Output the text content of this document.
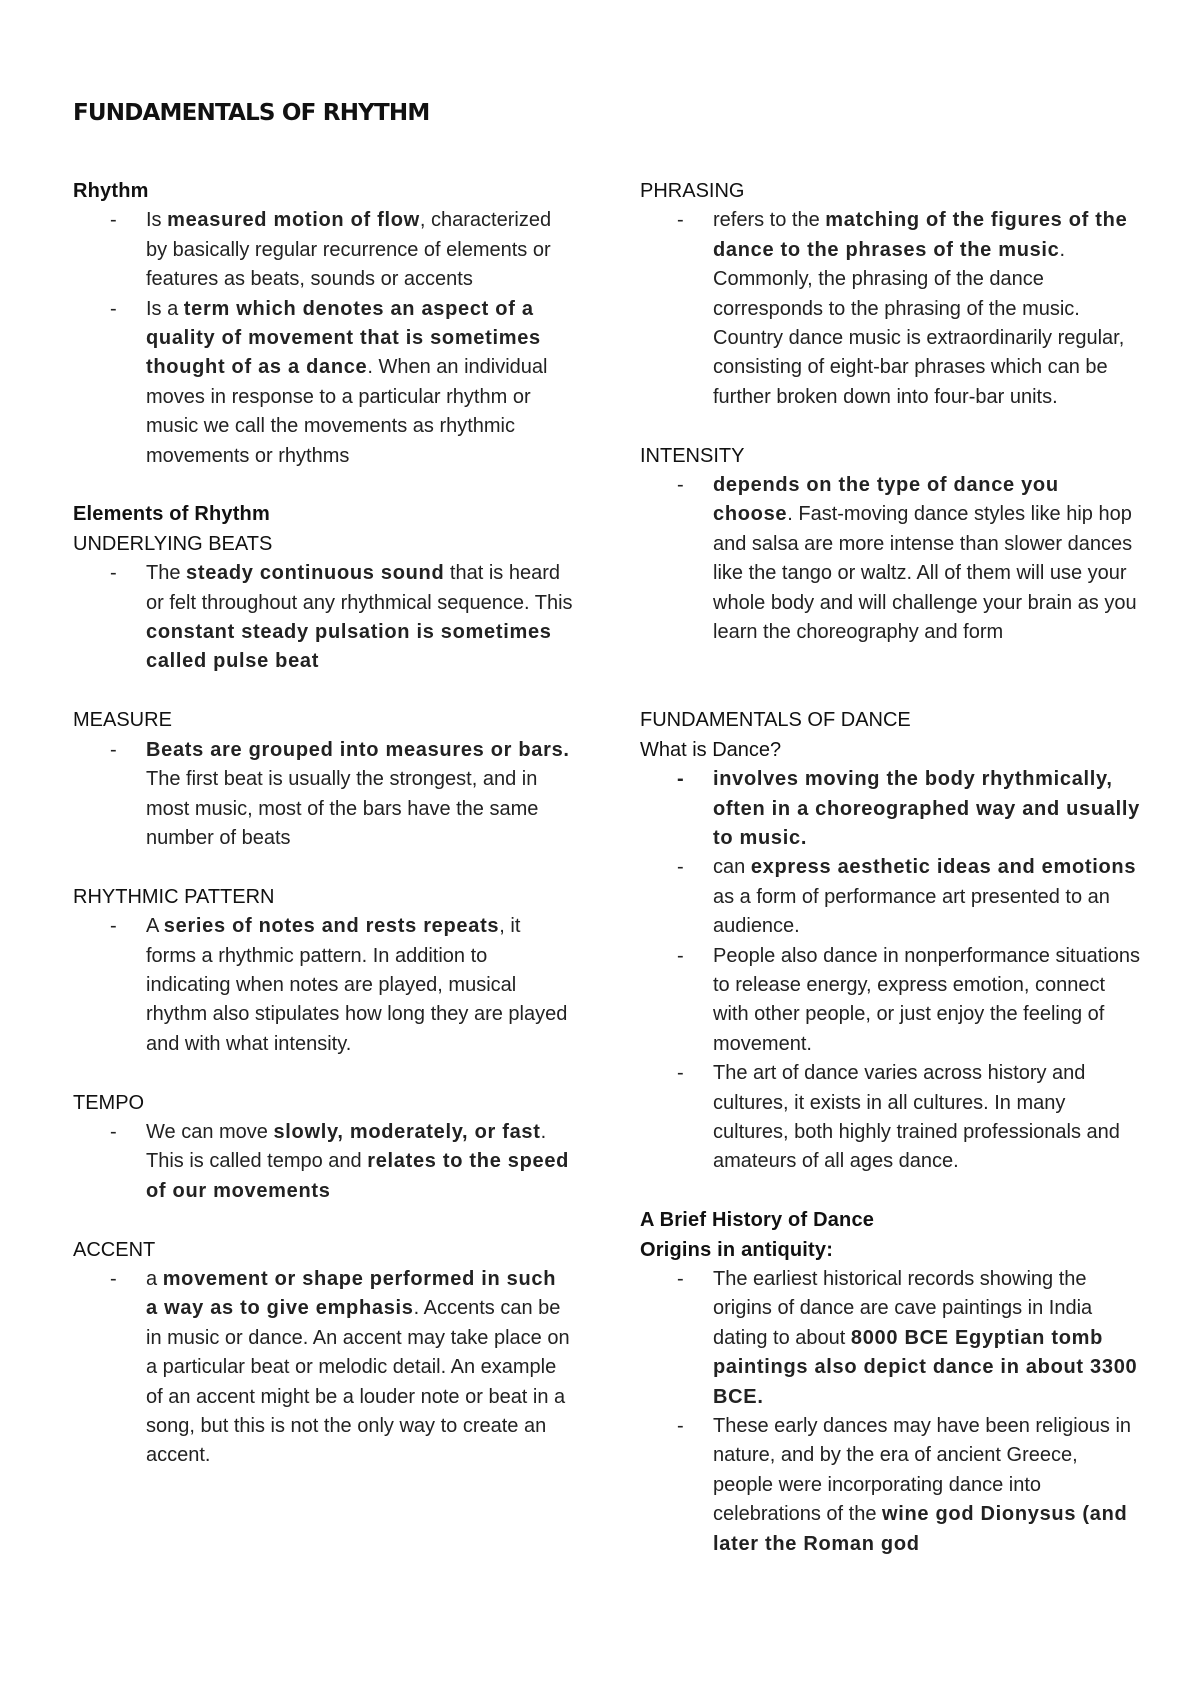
FUNDAMENTALS OF RHYTHM

Rhythm

- Is measured motion of flow, characterized by basically regular recurrence of elements or features as beats, sounds or accents
- Is a term which denotes an aspect of a quality of movement that is sometimes thought of as a dance. When an individual moves in response to a particular rhythm or music we call the movements as rhythmic movements or rhythms

Elements of Rhythm

UNDERLYING BEATS

- The steady continuous sound that is heard or felt throughout any rhythmical sequence. This constant steady pulsation is sometimes called pulse beat

MEASURE

- Beats are grouped into measures or bars. The first beat is usually the strongest, and in most music, most of the bars have the same number of beats

RHYTHMIC PATTERN

- A series of notes and rests repeats, it forms a rhythmic pattern. In addition to indicating when notes are played, musical rhythm also stipulates how long they are played and with what intensity.

TEMPO

- We can move slowly, moderately, or fast. This is called tempo and relates to the speed of our movements

ACCENT

- a movement or shape performed in such a way as to give emphasis. Accents can be in music or dance. An accent may take place on a particular beat or melodic detail. An example of an accent might be a louder note or beat in a song, but this is not the only way to create an accent.

PHRASING

- refers to the matching of the figures of the dance to the phrases of the music. Commonly, the phrasing of the dance corresponds to the phrasing of the music. Country dance music is extraordinarily regular, consisting of eight-bar phrases which can be further broken down into four-bar units.

INTENSITY

- depends on the type of dance you choose. Fast-moving dance styles like hip hop and salsa are more intense than slower dances like the tango or waltz. All of them will use your whole body and will challenge your brain as you learn the choreography and form

FUNDAMENTALS OF DANCE

What is Dance?

- involves moving the body rhythmically, often in a choreographed way and usually to music.
- can express aesthetic ideas and emotions as a form of performance art presented to an audience.
- People also dance in nonperformance situations to release energy, express emotion, connect with other people, or just enjoy the feeling of movement.
- The art of dance varies across history and cultures, it exists in all cultures. In many cultures, both highly trained professionals and amateurs of all ages dance.

A Brief History of Dance

Origins in antiquity:

- The earliest historical records showing the origins of dance are cave paintings in India dating to about 8000 BCE Egyptian tomb paintings also depict dance in about 3300 BCE.
- These early dances may have been religious in nature, and by the era of ancient Greece, people were incorporating dance into celebrations of the wine god Dionysus (and later the Roman god
